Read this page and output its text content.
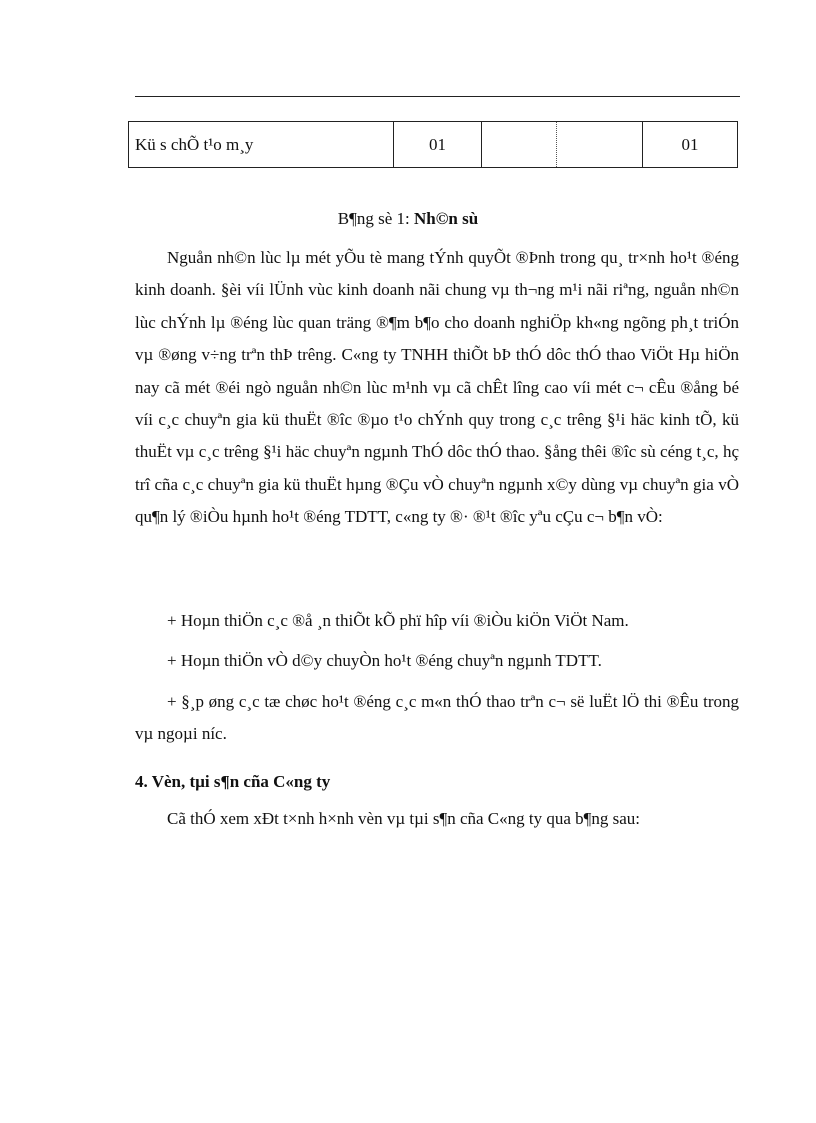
Kü s chÕ t¹o m¸y	01			01
B¶ng sè 1: Nh©n sù

Nguån nh©n lùc lµ mét yÕu tè mang tÝnh quyÕt ®Þnh trong qu¸ tr×nh ho¹t ®éng kinh doanh. §èi víi lÜnh vùc kinh doanh nãi chung vµ th¬ng m¹i nãi riªng, nguån nh©n lùc chÝnh lµ ®éng lùc quan träng ®¶m b¶o cho doanh nghiÖp kh«ng ngõng ph¸t triÓn vµ ®øng v÷ng trªn thÞ trêng. C«ng ty TNHH thiÕt bÞ thÓ dôc thÓ thao ViÖt Hµ hiÖn nay cã mét ®éi ngò nguån nh©n lùc m¹nh vµ cã chÊt lîng cao víi mét c¬ cÊu ®ång bé víi c¸c chuyªn gia kü thuËt ®îc ®µo t¹o chÝnh quy trong c¸c trêng §¹i häc kinh tÕ, kü thuËt vµ c¸c trêng §¹i häc chuyªn ngµnh ThÓ dôc thÓ thao. §ång thêi ®îc sù céng t¸c, hç trî cña c¸c chuyªn gia kü thuËt hµng ®Çu vÒ chuyªn ngµnh x©y dùng vµ chuyªn gia vÒ qu¶n lý ®iÒu hµnh ho¹t ®éng TDTT, c«ng ty ®· ®¹t ®îc yªu cÇu c¬ b¶n vÒ:

+ Hoµn thiÖn c¸c ®å ¸n thiÕt kÕ phï hîp víi ®iÒu kiÖn ViÖt Nam.

+ Hoµn thiÖn vÒ d©y chuyÒn ho¹t ®éng chuyªn ngµnh TDTT.

+ §¸p øng c¸c tæ chøc ho¹t ®éng c¸c m«n thÓ thao trªn c¬ së luËt lÖ thi ®Êu trong vµ ngoµi níc.

4. Vèn, tµi s¶n cña C«ng ty

Cã thÓ xem xÐt t×nh h×nh vèn vµ tµi s¶n cña C«ng ty qua b¶ng sau:
